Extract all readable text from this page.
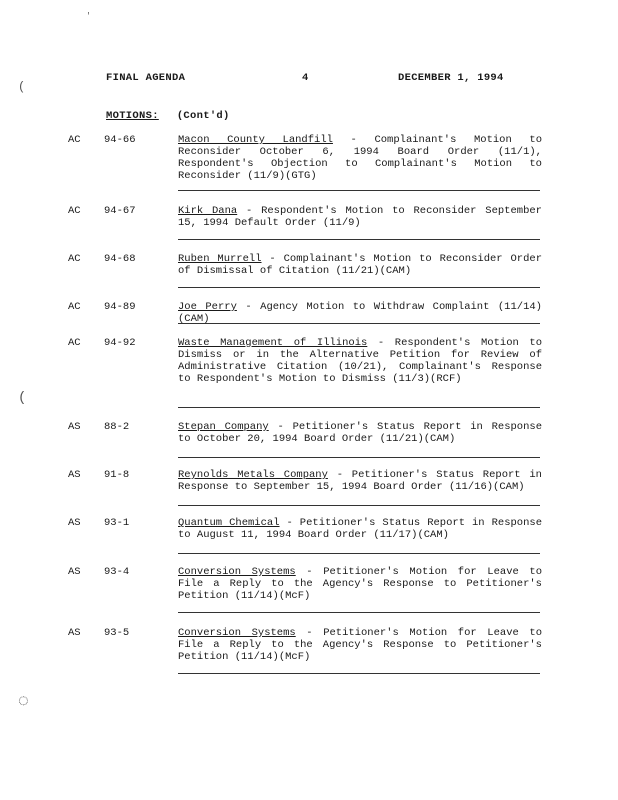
FINAL AGENDA	4	DECEMBER 1, 1994
MOTIONS: (Cont'd)
AC 94-66	Macon County Landfill - Complainant's Motion to Reconsider October 6, 1994 Board Order (11/1), Respondent's Objection to Complainant's Motion to Reconsider (11/9)(GTG)
AC 94-67	Kirk Dana - Respondent's Motion to Reconsider September 15, 1994 Default Order (11/9)
AC 94-68	Ruben Murrell - Complainant's Motion to Reconsider Order of Dismissal of Citation (11/21)(CAM)
AC 94-89	Joe Perry - Agency Motion to Withdraw Complaint (11/14)(CAM)
AC 94-92	Waste Management of Illinois - Respondent's Motion to Dismiss or in the Alternative Petition for Review of Administrative Citation (10/21), Complainant's Response to Respondent's Motion to Dismiss (11/3)(RCF)
AS 88-2	Stepan Company - Petitioner's Status Report in Response to October 20, 1994 Board Order (11/21)(CAM)
AS 91-8	Reynolds Metals Company - Petitioner's Status Report in Response to September 15, 1994 Board Order (11/16)(CAM)
AS 93-1	Quantum Chemical - Petitioner's Status Report in Response to August 11, 1994 Board Order (11/17)(CAM)
AS 93-4	Conversion Systems - Petitioner's Motion for Leave to File a Reply to the Agency's Response to Petitioner's Petition (11/14)(McF)
AS 93-5	Conversion Systems - Petitioner's Motion for Leave to File a Reply to the Agency's Response to Petitioner's Petition (11/14)(McF)
'
(
(
◌
